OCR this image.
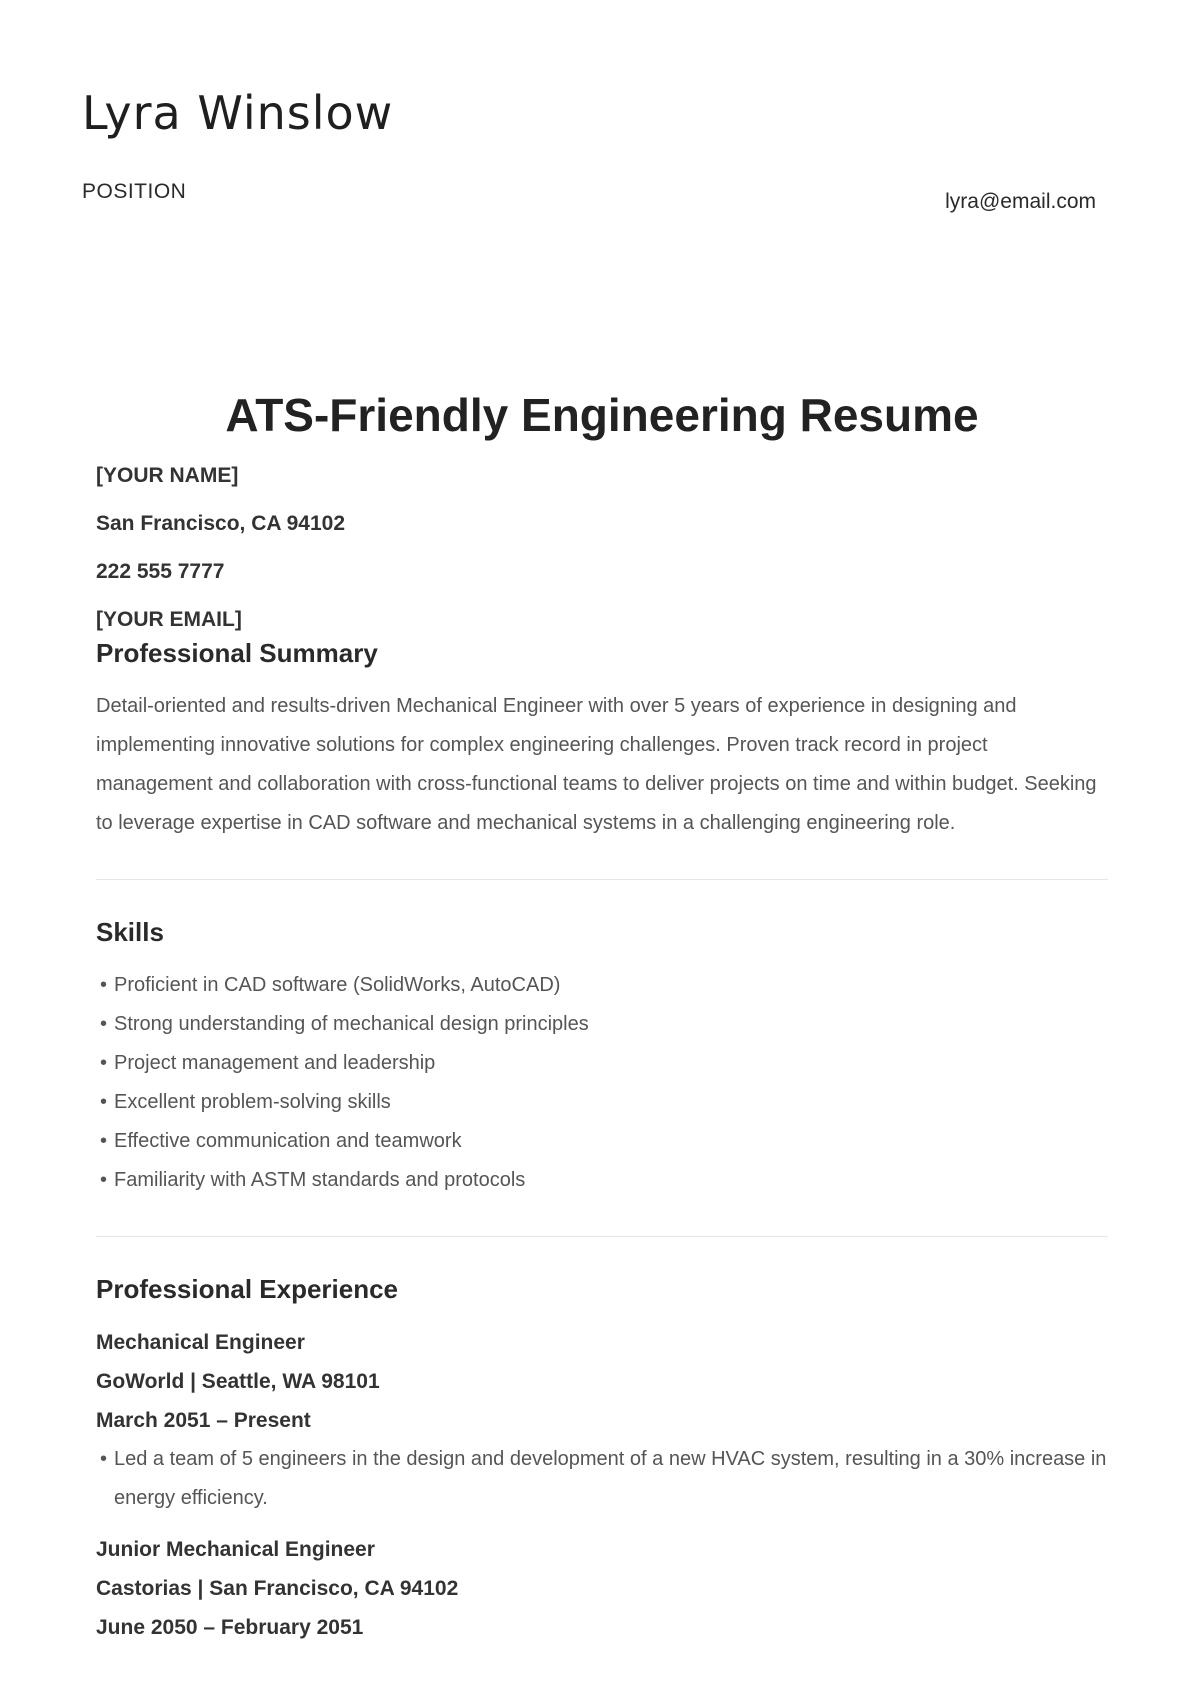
Lyra Winslow
POSITION	lyra@email.com
ATS-Friendly Engineering Resume

[YOUR NAME]

San Francisco, CA 94102

222 555 7777

[YOUR EMAIL]

Professional Summary

Detail-oriented and results-driven Mechanical Engineer with over 5 years of experience in designing and implementing innovative solutions for complex engineering challenges. Proven track record in project management and collaboration with cross-functional teams to deliver projects on time and within budget. Seeking to leverage expertise in CAD software and mechanical systems in a challenging engineering role.

Skills
• Proficient in CAD software (SolidWorks, AutoCAD)
• Strong understanding of mechanical design principles
• Project management and leadership
• Excellent problem-solving skills
• Effective communication and teamwork
• Familiarity with ASTM standards and protocols
Professional Experience

Mechanical Engineer

GoWorld | Seattle, WA 98101

March 2051 – Present

• Led a team of 5 engineers in the design and development of a new HVAC system, resulting in a 30% increase in energy efficiency.

Junior Mechanical Engineer

Castorias | San Francisco, CA 94102

June 2050 – February 2051
